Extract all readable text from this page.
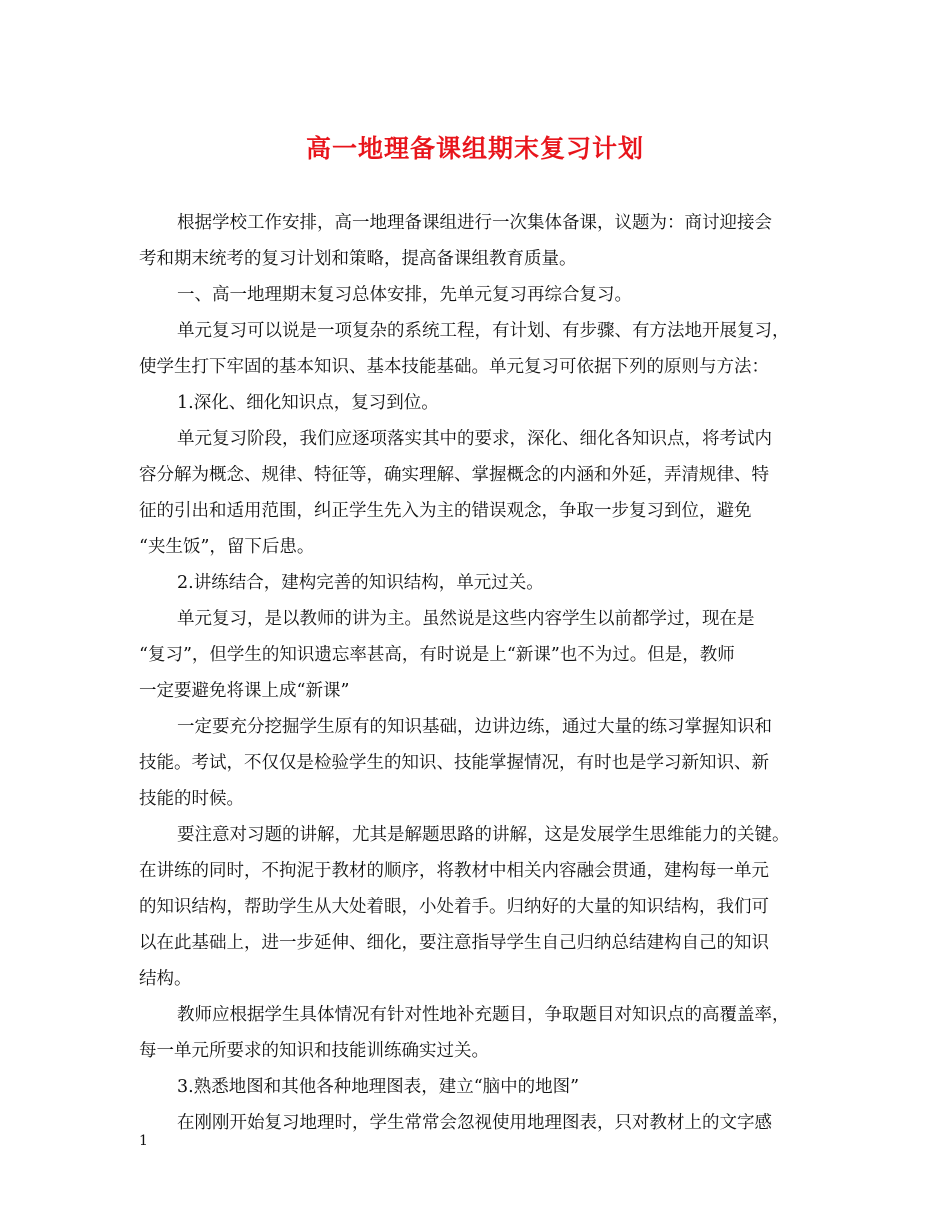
高一地理备课组期末复习计划
根据学校工作安排，高一地理备课组进行一次集体备课，议题为：商讨迎接会
考和期末统考的复习计划和策略，提高备课组教育质量。
一、高一地理期末复习总体安排，先单元复习再综合复习。
单元复习可以说是一项复杂的系统工程，有计划、有步骤、有方法地开展复习，
使学生打下牢固的基本知识、基本技能基础。单元复习可依据下列的原则与方法：
1.深化、细化知识点，复习到位。
单元复习阶段，我们应逐项落实其中的要求，深化、细化各知识点，将考试内
容分解为概念、规律、特征等，确实理解、掌握概念的内涵和外延，弄清规律、特
征的引出和适用范围，纠正学生先入为主的错误观念，争取一步复习到位，避免
“夹生饭”，留下后患。
2.讲练结合，建构完善的知识结构，单元过关。
单元复习，是以教师的讲为主。虽然说是这些内容学生以前都学过，现在是
“复习”，但学生的知识遗忘率甚高，有时说是上“新课”也不为过。但是，教师
一定要避免将课上成“新课”
一定要充分挖掘学生原有的知识基础，边讲边练，通过大量的练习掌握知识和
技能。考试，不仅仅是检验学生的知识、技能掌握情况，有时也是学习新知识、新
技能的时候。
要注意对习题的讲解，尤其是解题思路的讲解，这是发展学生思维能力的关键。
在讲练的同时，不拘泥于教材的顺序，将教材中相关内容融会贯通，建构每一单元
的知识结构，帮助学生从大处着眼，小处着手。归纳好的大量的知识结构，我们可
以在此基础上，进一步延伸、细化，要注意指导学生自己归纳总结建构自己的知识
结构。
教师应根据学生具体情况有针对性地补充题目，争取题目对知识点的高覆盖率，
每一单元所要求的知识和技能训练确实过关。
3.熟悉地图和其他各种地理图表，建立“脑中的地图”
在刚刚开始复习地理时，学生常常会忽视使用地理图表，只对教材上的文字感
1
